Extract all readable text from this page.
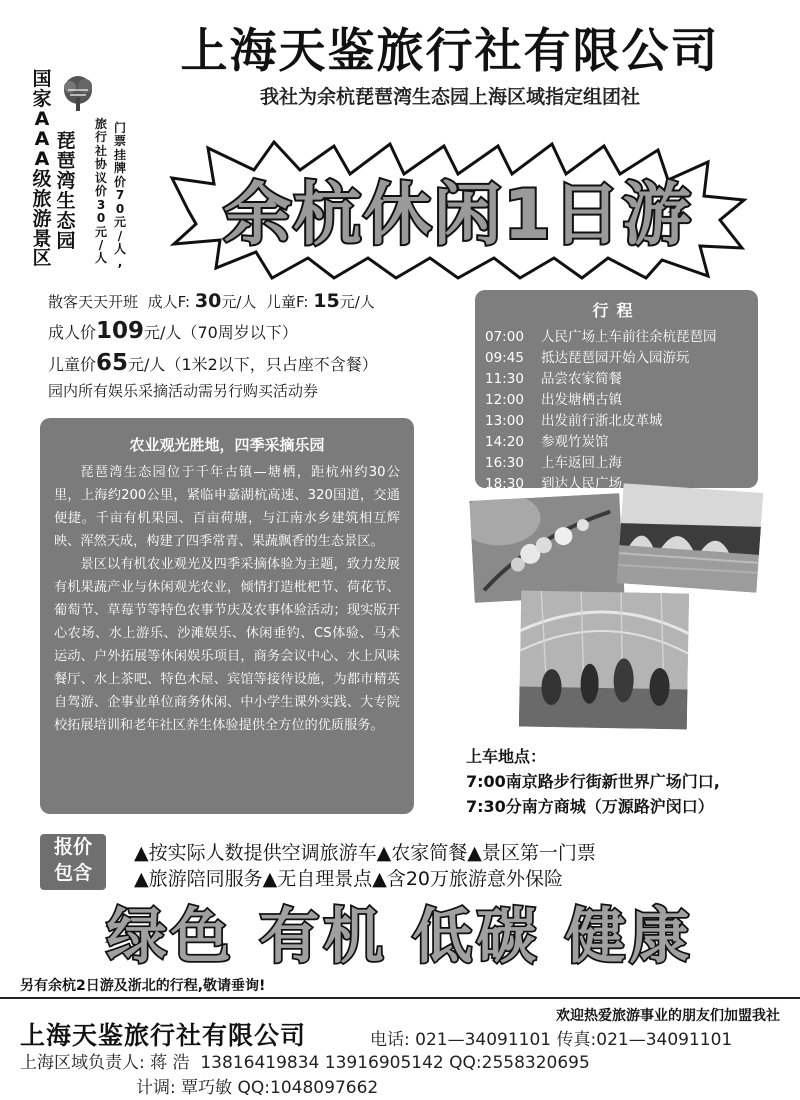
上海天鉴旅行社有限公司
我社为余杭琵琶湾生态园上海区域指定组团社
国
家
A
A
A
级
旅
游
景
区
琵
琶
湾
生
态
园
旅
行
社
协
议
价
3
0
元
/
人
门
票
挂
牌
价
7
0
元
/
人
,
余杭休闲1日游
散客天天开班 成人F: 30元/人 儿童F: 15元/人
成人价109元/人（70周岁以下）
儿童价65元/人（1米2以下，只占座不含餐）
园内所有娱乐采摘活动需另行购买活动券
行程
07:00 人民广场上车前往余杭琵琶园
09:45 抵达琵琶园开始入园游玩
11:30 品尝农家简餐
12:00 出发塘栖古镇
13:00 出发前行浙北皮革城
14:20 参观竹炭馆
16:30 上车返回上海
18:30 到达人民广场
农业观光胜地，四季采摘乐园

琵琶湾生态园位于千年古镇—塘栖，距杭州约30公里，上海约200公里，紧临申嘉湖杭高速、320国道，交通便捷。千亩有机果园、百亩荷塘，与江南水乡建筑相互辉映、浑然天成，构建了四季常青、果蔬飘香的生态景区。

景区以有机农业观光及四季采摘体验为主题，致力发展有机果蔬产业与休闲观光农业，倾情打造枇杷节、荷花节、葡萄节、草莓节等特色农事节庆及农事体验活动；现实版开心农场、水上游乐、沙滩娱乐、休闲垂钓、CS体验、马术运动、户外拓展等休闲娱乐项目，商务会议中心、水上风味餐厅、水上茶吧、特色木屋、宾馆等接待设施，为都市精英自驾游、企事业单位商务休闲、中小学生课外实践、大专院校拓展培训和老年社区养生体验提供全方位的优质服务。

上车地点：
7:00南京路步行街新世界广场门口,
7:30分南方商城（万源路沪闵口）
报价
包含
▲按实际人数提供空调旅游车▲农家简餐▲景区第一门票
▲旅游陪同服务▲无自理景点▲含20万旅游意外保险
绿色 有机 低碳 健康
另有余杭2日游及浙北的行程,敬请垂询!
欢迎热爱旅游事业的朋友们加盟我社
上海天鉴旅行社有限公司	电话: 021—34091101 传真:021—34091101
上海区域负责人: 蒋 浩 13816419834 13916905142 QQ:2558320695
计调: 覃巧敏 QQ:1048097662
